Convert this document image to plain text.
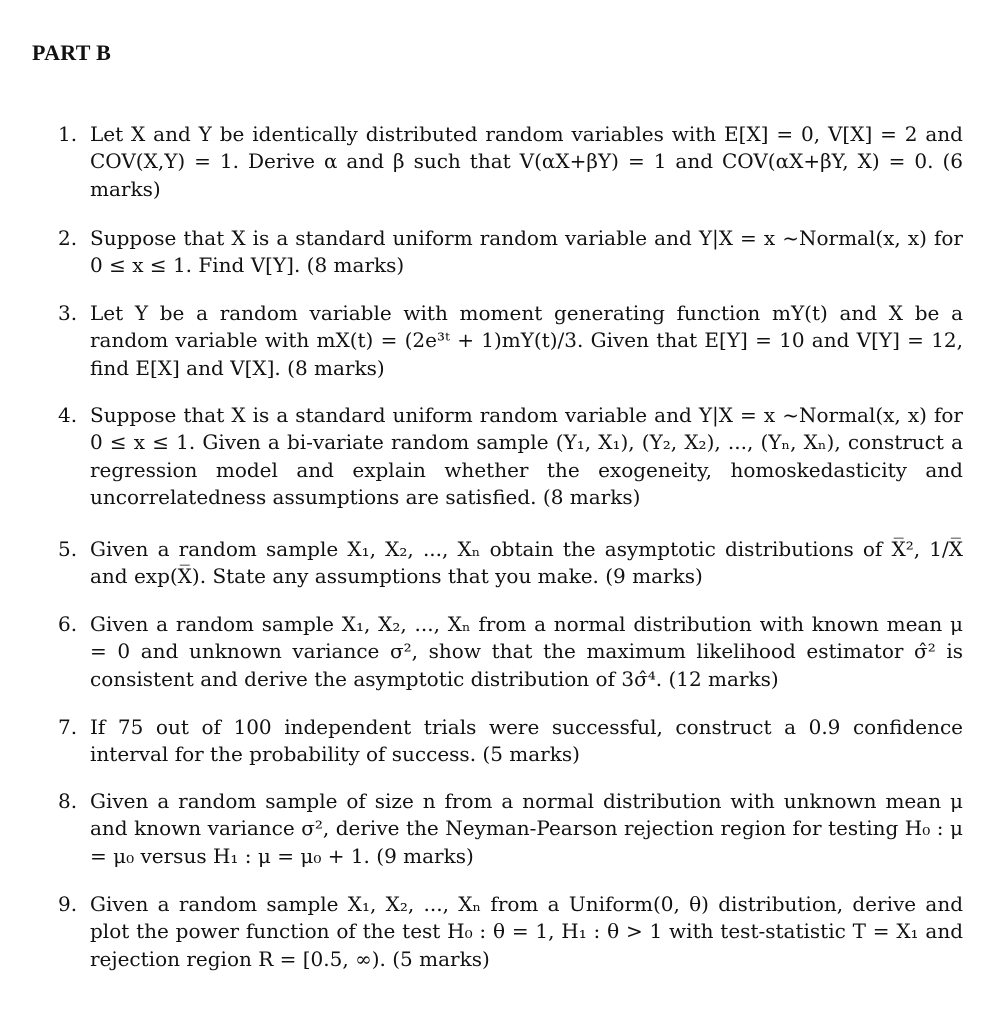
PART B
1. Let X and Y be identically distributed random variables with E[X] = 0, V[X] = 2 and COV(X,Y) = 1. Derive α and β such that V(αX+βY) = 1 and COV(αX+βY, X) = 0. (6 marks)
2. Suppose that X is a standard uniform random variable and Y|X = x ~Normal(x, x) for 0 ≤ x ≤ 1. Find V[Y]. (8 marks)
3. Let Y be a random variable with moment generating function mY(t) and X be a random variable with mX(t) = (2e³ᵗ + 1)mY(t)/3. Given that E[Y] = 10 and V[Y] = 12, find E[X] and V[X]. (8 marks)
4. Suppose that X is a standard uniform random variable and Y|X = x ~Normal(x, x) for 0 ≤ x ≤ 1. Given a bi-variate random sample (Y₁, X₁), (Y₂, X₂), ..., (Yₙ, Xₙ), construct a regression model and explain whether the exogeneity, homoskedasticity and uncorrelatedness assumptions are satisfied. (8 marks)
5. Given a random sample X₁, X₂, ..., Xₙ obtain the asymptotic distributions of X̅², 1/X̅ and exp(X̅). State any assumptions that you make. (9 marks)
6. Given a random sample X₁, X₂, ..., Xₙ from a normal distribution with known mean μ = 0 and unknown variance σ², show that the maximum likelihood estimator σ̂² is consistent and derive the asymptotic distribution of 3σ̂⁴. (12 marks)
7. If 75 out of 100 independent trials were successful, construct a 0.9 confidence interval for the probability of success. (5 marks)
8. Given a random sample of size n from a normal distribution with unknown mean μ and known variance σ², derive the Neyman-Pearson rejection region for testing H₀ : μ = μ₀ versus H₁ : μ = μ₀ + 1. (9 marks)
9. Given a random sample X₁, X₂, ..., Xₙ from a Uniform(0, θ) distribution, derive and plot the power function of the test H₀ : θ = 1, H₁ : θ > 1 with test-statistic T = X₁ and rejection region R = [0.5, ∞). (5 marks)
